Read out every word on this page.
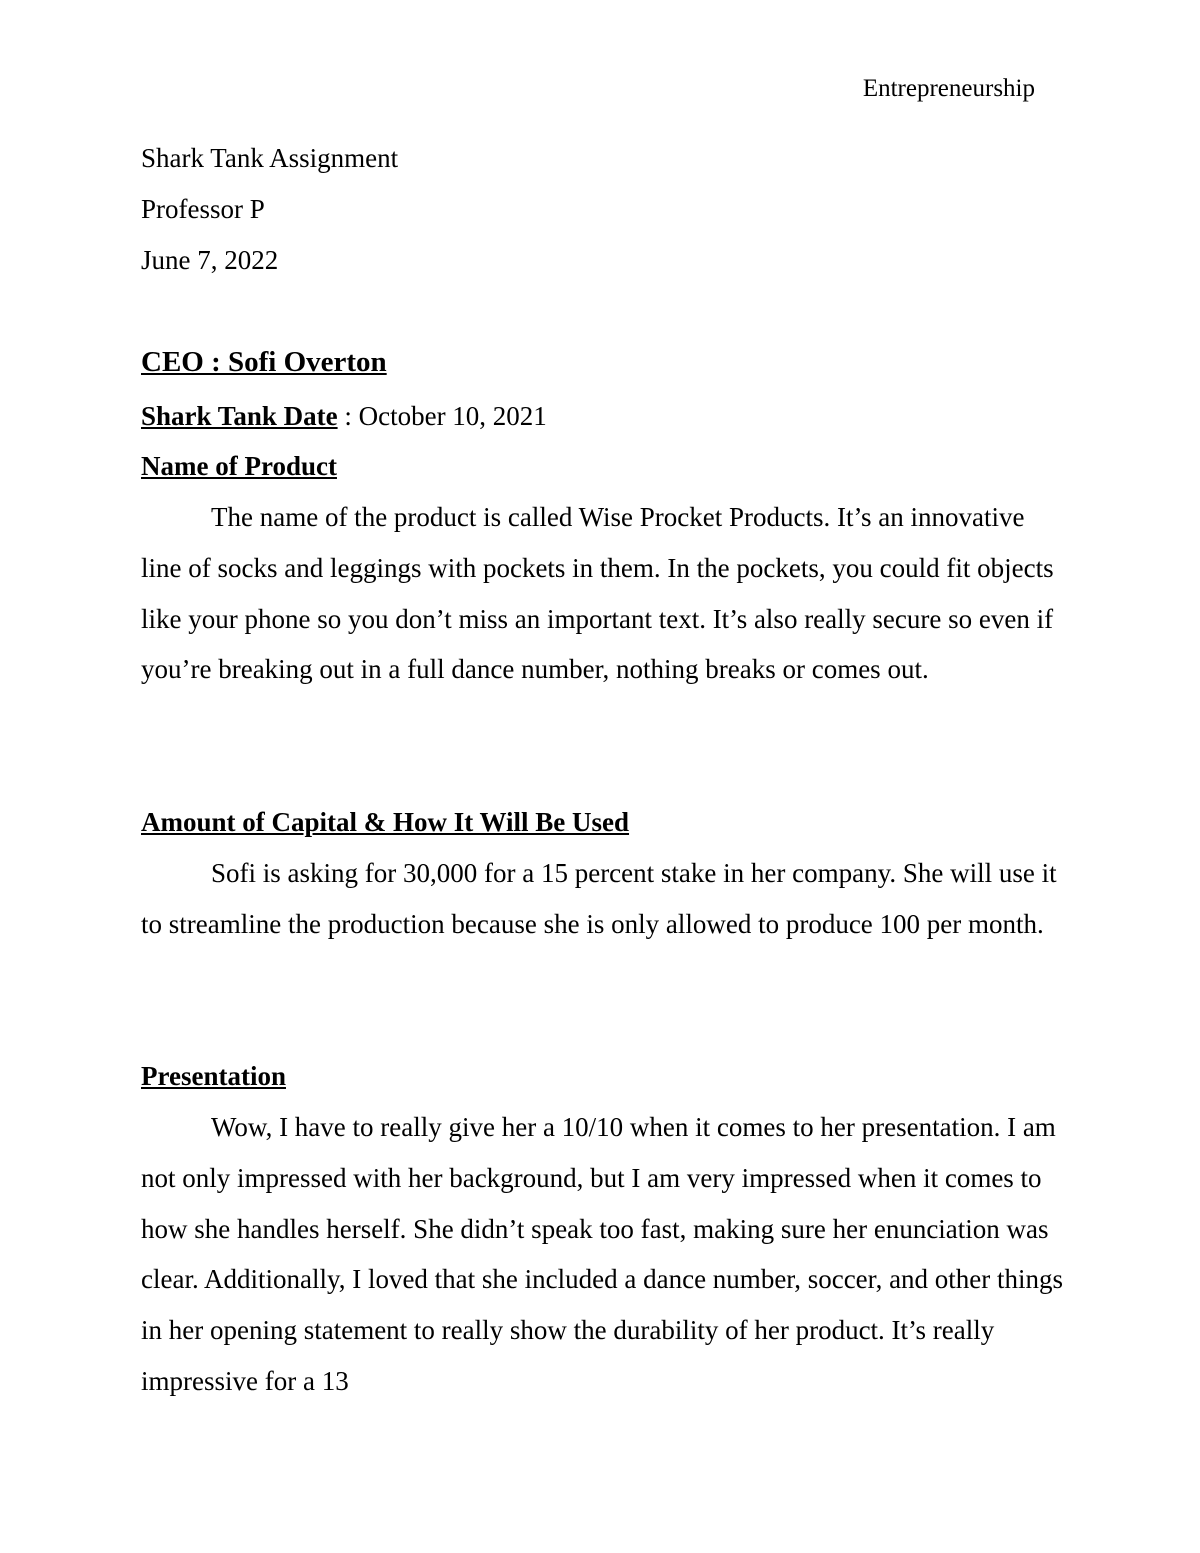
Entrepreneurship
Shark Tank Assignment
Professor P
June 7, 2022
CEO : Sofi Overton
Shark Tank Date : October 10, 2021
Name of Product

The name of the product is called Wise Procket Products. It’s an innovative line of socks and leggings with pockets in them. In the pockets, you could fit objects like your phone so you don’t miss an important text. It’s also really secure so even if you’re breaking out in a full dance number, nothing breaks or comes out.

Amount of Capital & How It Will Be Used

Sofi is asking for 30,000 for a 15 percent stake in her company. She will use it to streamline the production because she is only allowed to produce 100 per month.

Presentation

Wow, I have to really give her a 10/10 when it comes to her presentation. I am not only impressed with her background, but I am very impressed when it comes to how she handles herself. She didn’t speak too fast, making sure her enunciation was clear. Additionally, I loved that she included a dance number, soccer, and other things in her opening statement to really show the durability of her product. It’s really impressive for a 13
